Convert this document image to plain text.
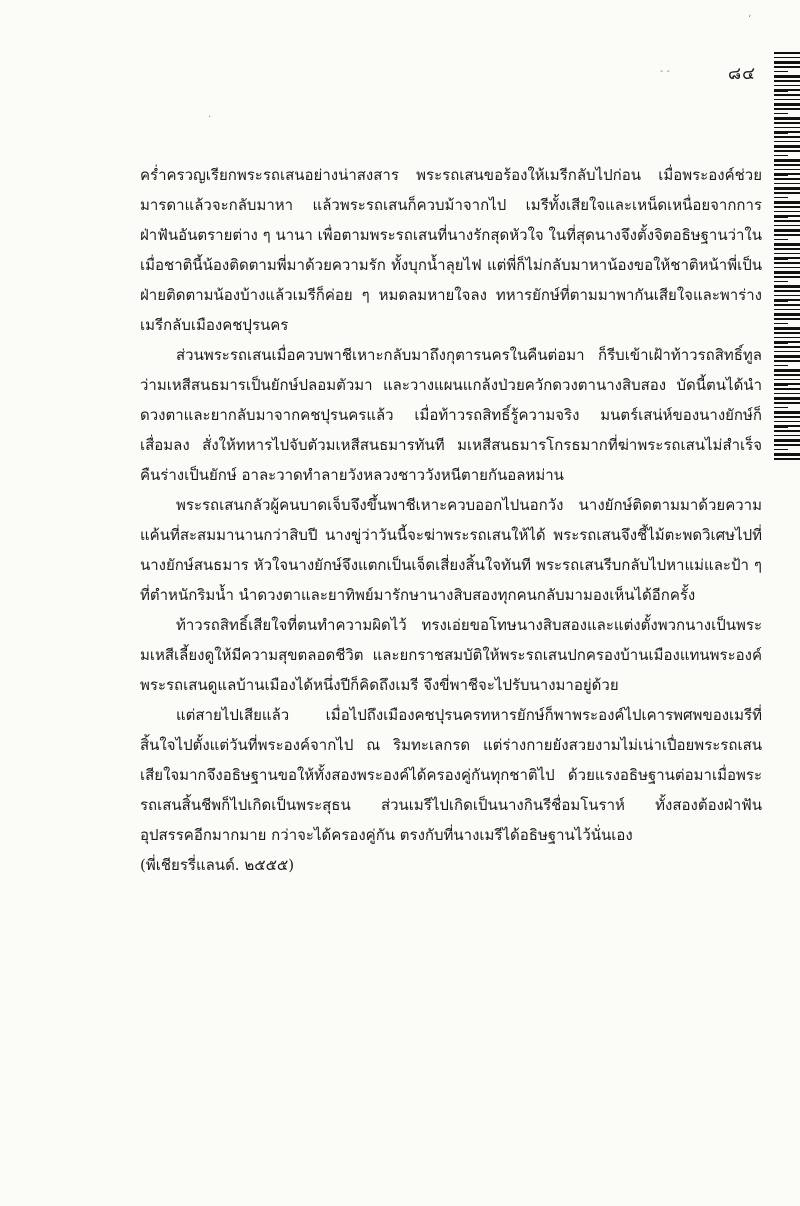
๘๔
- -
·
‘

คร่ำครวญเรียกพระรถเสนอย่างน่าสงสาร พระรถเสนขอร้องให้เมรีกลับไปก่อน เมื่อพระองค์ช่วยมารดาแล้วจะกลับมาหา แล้วพระรถเสนก็ควบม้าจากไป เมรีทั้งเสียใจและเหน็ดเหนื่อยจากการฝ่าฟันอันตรายต่าง ๆ นานา เพื่อตามพระรถเสนที่นางรักสุดหัวใจ ในที่สุดนางจึงตั้งจิตอธิษฐานว่าในเมื่อชาตินี้น้องติดตามพี่มาด้วยความรัก ทั้งบุกน้ำลุยไฟ แต่พี่ก็ไม่กลับมาหาน้องขอให้ชาติหน้าพี่เป็นฝ่ายติดตามน้องบ้างแล้วเมรีก็ค่อย ๆ หมดลมหายใจลง ทหารยักษ์ที่ตามมาพากันเสียใจและพาร่างเมรีกลับเมืองคชปุรนคร

ส่วนพระรถเสนเมื่อควบพาชีเหาะกลับมาถึงกุตารนครในคืนต่อมา ก็รีบเข้าเฝ้าท้าวรถสิทธิ์ทูลว่ามเหสีสนธมารเป็นยักษ์ปลอมตัวมา และวางแผนแกล้งป่วยควักดวงตานางสิบสอง บัดนี้ตนได้นำดวงตาและยากลับมาจากคชปุรนครแล้ว เมื่อท้าวรถสิทธิ์รู้ความจริง มนตร์เสน่ห์ของนางยักษ์ก็เสื่อมลง สั่งให้ทหารไปจับตัวมเหสีสนธมารทันที มเหสีสนธมารโกรธมากที่ฆ่าพระรถเสนไม่สำเร็จ คืนร่างเป็นยักษ์ อาละวาดทำลายวังหลวงชาววังหนีตายกันอลหม่าน

พระรถเสนกลัวผู้คนบาดเจ็บจึงขึ้นพาชีเหาะควบออกไปนอกวัง นางยักษ์ติดตามมาด้วยความแค้นที่สะสมมานานกว่าสิบปี นางขู่ว่าวันนี้จะฆ่าพระรถเสนให้ได้ พระรถเสนจึงชี้ไม้ตะพดวิเศษไปที่นางยักษ์สนธมาร หัวใจนางยักษ์จึงแตกเป็นเจ็ดเสี่ยงสิ้นใจทันที พระรถเสนรีบกลับไปหาแม่และป้า ๆ ที่ตำหนักริมน้ำ นำดวงตาและยาทิพย์มารักษานางสิบสองทุกคนกลับมามองเห็นได้อีกครั้ง

ท้าวรถสิทธิ์เสียใจที่ตนทำความผิดไว้ ทรงเอ่ยขอโทษนางสิบสองและแต่งตั้งพวกนางเป็นพระมเหสีเลี้ยงดูให้มีความสุขตลอดชีวิต และยกราชสมบัติให้พระรถเสนปกครองบ้านเมืองแทนพระองค์ พระรถเสนดูแลบ้านเมืองได้หนึ่งปีก็คิดถึงเมรี จึงขี่พาชีจะไปรับนางมาอยู่ด้วย

แต่สายไปเสียแล้ว เมื่อไปถึงเมืองคชปุรนครทหารยักษ์ก็พาพระองค์ไปเคารพศพของเมรีที่สิ้นใจไปตั้งแต่วันที่พระองค์จากไป ณ ริมทะเลกรด แต่ร่างกายยังสวยงามไม่เน่าเปื่อยพระรถเสนเสียใจมากจึงอธิษฐานขอให้ทั้งสองพระองค์ได้ครองคู่กันทุกชาติไป ด้วยแรงอธิษฐานต่อมาเมื่อพระรถเสนสิ้นชีพก็ไปเกิดเป็นพระสุธน ส่วนเมรีไปเกิดเป็นนางกินรีชื่อมโนราห์ ทั้งสองต้องฝ่าฟันอุปสรรคอีกมากมาย กว่าจะได้ครองคู่กัน ตรงกับที่นางเมรีได้อธิษฐานไว้นั่นเอง

(พี่เชียรรี่แลนด์. ๒๕๕๕)
